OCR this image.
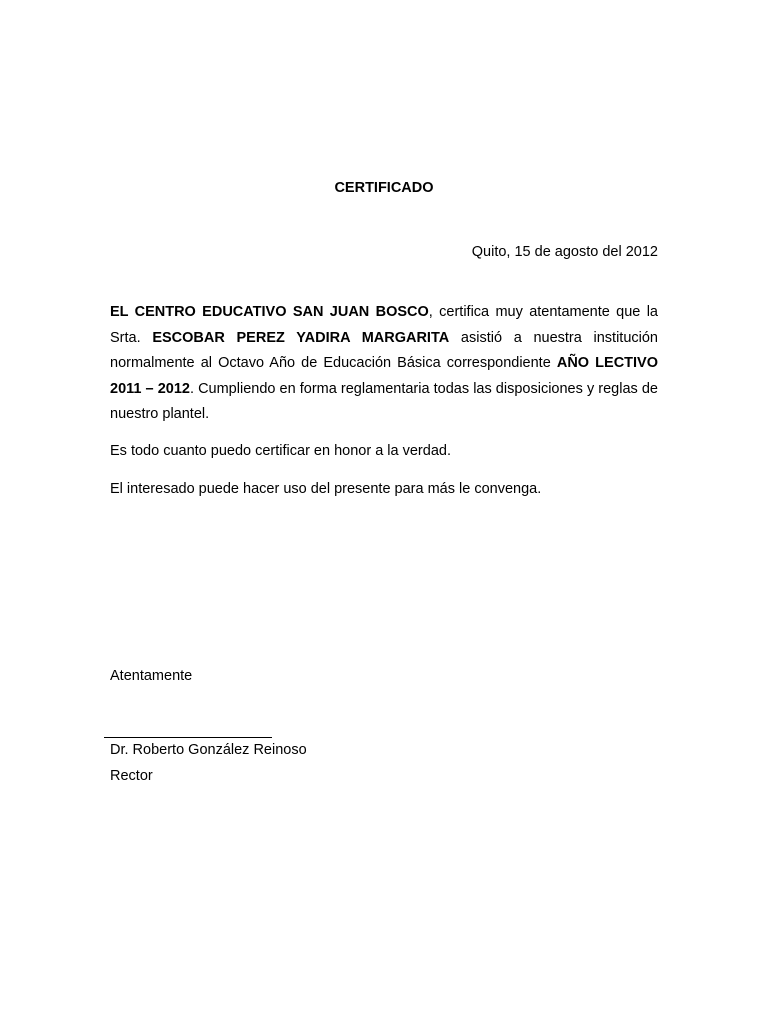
CERTIFICADO
Quito, 15 de agosto del 2012

EL CENTRO EDUCATIVO SAN JUAN BOSCO, certifica muy atentamente que la Srta. ESCOBAR PEREZ YADIRA MARGARITA asistió a nuestra institución normalmente al Octavo Año de Educación Básica correspondiente AÑO LECTIVO 2011 – 2012. Cumpliendo en forma reglamentaria todas las disposiciones y reglas de nuestro plantel.

Es todo cuanto puedo certificar en honor a la verdad.

El interesado puede hacer uso del presente para más le convenga.

Atentamente
Dr. Roberto González Reinoso
Rector
